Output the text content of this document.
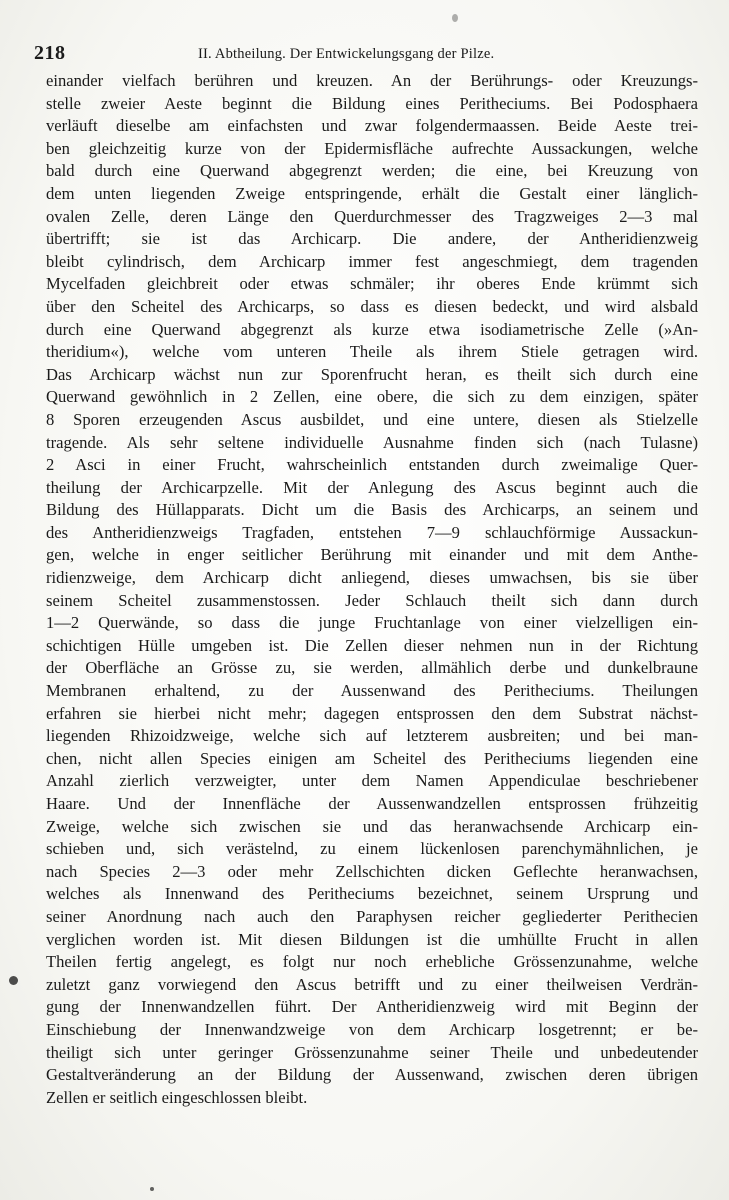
218	II. Abtheilung. Der Entwickelungsgang der Pilze.
einander vielfach berühren und kreuzen. An der Berührungs- oder Kreuzungs-
stelle zweier Aeste beginnt die Bildung eines Peritheciums. Bei Podosphaera
verläuft dieselbe am einfachsten und zwar folgendermaassen. Beide Aeste trei-
ben gleichzeitig kurze von der Epidermisfläche aufrechte Aussackungen, welche
bald durch eine Querwand abgegrenzt werden; die eine, bei Kreuzung von
dem unten liegenden Zweige entspringende, erhält die Gestalt einer länglich-
ovalen Zelle, deren Länge den Querdurchmesser des Tragzweiges 2—3 mal
übertrifft; sie ist das Archicarp. Die andere, der Antheridienzweig
bleibt cylindrisch, dem Archicarp immer fest angeschmiegt, dem tragenden
Mycelfaden gleichbreit oder etwas schmäler; ihr oberes Ende krümmt sich
über den Scheitel des Archicarps, so dass es diesen bedeckt, und wird alsbald
durch eine Querwand abgegrenzt als kurze etwa isodiametrische Zelle (»An-
theridium«), welche vom unteren Theile als ihrem Stiele getragen wird.
Das Archicarp wächst nun zur Sporenfrucht heran, es theilt sich durch eine
Querwand gewöhnlich in 2 Zellen, eine obere, die sich zu dem einzigen, später
8 Sporen erzeugenden Ascus ausbildet, und eine untere, diesen als Stielzelle
tragende. Als sehr seltene individuelle Ausnahme finden sich (nach Tulasne)
2 Asci in einer Frucht, wahrscheinlich entstanden durch zweimalige Quer-
theilung der Archicarpzelle. Mit der Anlegung des Ascus beginnt auch die
Bildung des Hüllapparats. Dicht um die Basis des Archicarps, an seinem und
des Antheridienzweigs Tragfaden, entstehen 7—9 schlauchförmige Aussackun-
gen, welche in enger seitlicher Berührung mit einander und mit dem Anthe-
ridienzweige, dem Archicarp dicht anliegend, dieses umwachsen, bis sie über
seinem Scheitel zusammenstossen. Jeder Schlauch theilt sich dann durch
1—2 Querwände, so dass die junge Fruchtanlage von einer vielzelligen ein-
schichtigen Hülle umgeben ist. Die Zellen dieser nehmen nun in der Richtung
der Oberfläche an Grösse zu, sie werden, allmählich derbe und dunkelbraune
Membranen erhaltend, zu der Aussenwand des Peritheciums. Theilungen
erfahren sie hierbei nicht mehr; dagegen entsprossen den dem Substrat nächst-
liegenden Rhizoidzweige, welche sich auf letzterem ausbreiten; und bei man-
chen, nicht allen Species einigen am Scheitel des Peritheciums liegenden eine
Anzahl zierlich verzweigter, unter dem Namen Appendiculae beschriebener
Haare. Und der Innenfläche der Aussenwandzellen entsprossen frühzeitig
Zweige, welche sich zwischen sie und das heranwachsende Archicarp ein-
schieben und, sich verästelnd, zu einem lückenlosen parenchymähnlichen, je
nach Species 2—3 oder mehr Zellschichten dicken Geflechte heranwachsen,
welches als Innenwand des Peritheciums bezeichnet, seinem Ursprung und
seiner Anordnung nach auch den Paraphysen reicher gegliederter Perithecien
verglichen worden ist. Mit diesen Bildungen ist die umhüllte Frucht in allen
Theilen fertig angelegt, es folgt nur noch erhebliche Grössenzunahme, welche
zuletzt ganz vorwiegend den Ascus betrifft und zu einer theilweisen Verdrän-
gung der Innenwandzellen führt. Der Antheridienzweig wird mit Beginn der
Einschiebung der Innenwandzweige von dem Archicarp losgetrennt; er be-
theiligt sich unter geringer Grössenzunahme seiner Theile und unbedeutender
Gestaltveränderung an der Bildung der Aussenwand, zwischen deren übrigen
Zellen er seitlich eingeschlossen bleibt.
